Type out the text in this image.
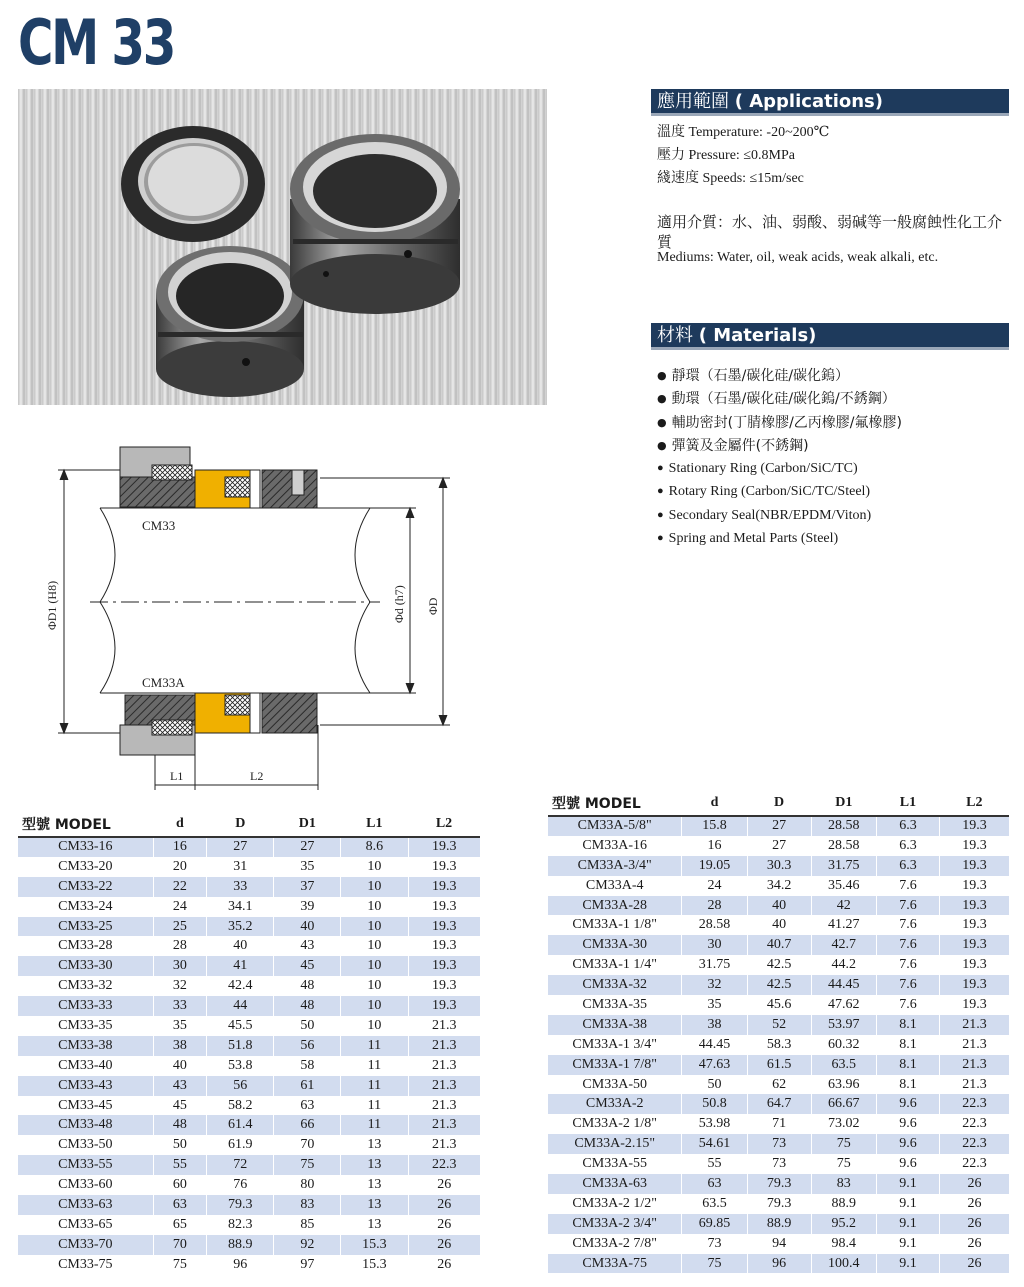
CM 33
應用範圍 ( Applications)
溫度 Temperature: -20~200℃
壓力 Pressure: ≤0.8MPa
綫速度 Speeds: ≤15m/sec
適用介質：水、油、弱酸、弱碱等一般腐蝕性化工介質
Mediums: Water, oil, weak acids, weak alkali, etc.
材料 ( Materials)
● 靜環（石墨/碳化硅/碳化鎢）
● 動環（石墨/碳化硅/碳化鎢/不銹鋼）
● 輔助密封(丁腈橡膠/乙丙橡膠/氟橡膠)
● 彈簧及金屬件(不銹鋼)
● Stationary Ring (Carbon/SiC/TC)
● Rotary Ring (Carbon/SiC/TC/Steel)
● Secondary Seal(NBR/EPDM/Viton)
● Spring and Metal Parts (Steel)
CM33
CM33A
ΦD1 (H8)	Φd (h7) ΦD
L1	L2
型號 MODEL	d	D	D1	L1	L2
CM33-16	16	27	27	8.6	19.3
CM33-20	20	31	35	10	19.3
CM33-22	22	33	37	10	19.3
CM33-24	24	34.1	39	10	19.3
CM33-25	25	35.2	40	10	19.3
CM33-28	28	40	43	10	19.3
CM33-30	30	41	45	10	19.3
CM33-32	32	42.4	48	10	19.3
CM33-33	33	44	48	10	19.3
CM33-35	35	45.5	50	10	21.3
CM33-38	38	51.8	56	11	21.3
CM33-40	40	53.8	58	11	21.3
CM33-43	43	56	61	11	21.3
CM33-45	45	58.2	63	11	21.3
CM33-48	48	61.4	66	11	21.3
CM33-50	50	61.9	70	13	21.3
CM33-55	55	72	75	13	22.3
CM33-60	60	76	80	13	26
CM33-63	63	79.3	83	13	26
CM33-65	65	82.3	85	13	26
CM33-70	70	88.9	92	15.3	26
CM33-75	75	96	97	15.3	26
型號 MODEL	d	D	D1	L1	L2
CM33A-5/8"	15.8	27	28.58	6.3	19.3
CM33A-16	16	27	28.58	6.3	19.3
CM33A-3/4"	19.05	30.3	31.75	6.3	19.3
CM33A-4	24	34.2	35.46	7.6	19.3
CM33A-28	28	40	42	7.6	19.3
CM33A-1 1/8"	28.58	40	41.27	7.6	19.3
CM33A-30	30	40.7	42.7	7.6	19.3
CM33A-1 1/4"	31.75	42.5	44.2	7.6	19.3
CM33A-32	32	42.5	44.45	7.6	19.3
CM33A-35	35	45.6	47.62	7.6	19.3
CM33A-38	38	52	53.97	8.1	21.3
CM33A-1 3/4"	44.45	58.3	60.32	8.1	21.3
CM33A-1 7/8"	47.63	61.5	63.5	8.1	21.3
CM33A-50	50	62	63.96	8.1	21.3
CM33A-2	50.8	64.7	66.67	9.6	22.3
CM33A-2 1/8"	53.98	71	73.02	9.6	22.3
CM33A-2.15"	54.61	73	75	9.6	22.3
CM33A-55	55	73	75	9.6	22.3
CM33A-63	63	79.3	83	9.1	26
CM33A-2 1/2"	63.5	79.3	88.9	9.1	26
CM33A-2 3/4"	69.85	88.9	95.2	9.1	26
CM33A-2 7/8"	73	94	98.4	9.1	26
CM33A-75	75	96	100.4	9.1	26
